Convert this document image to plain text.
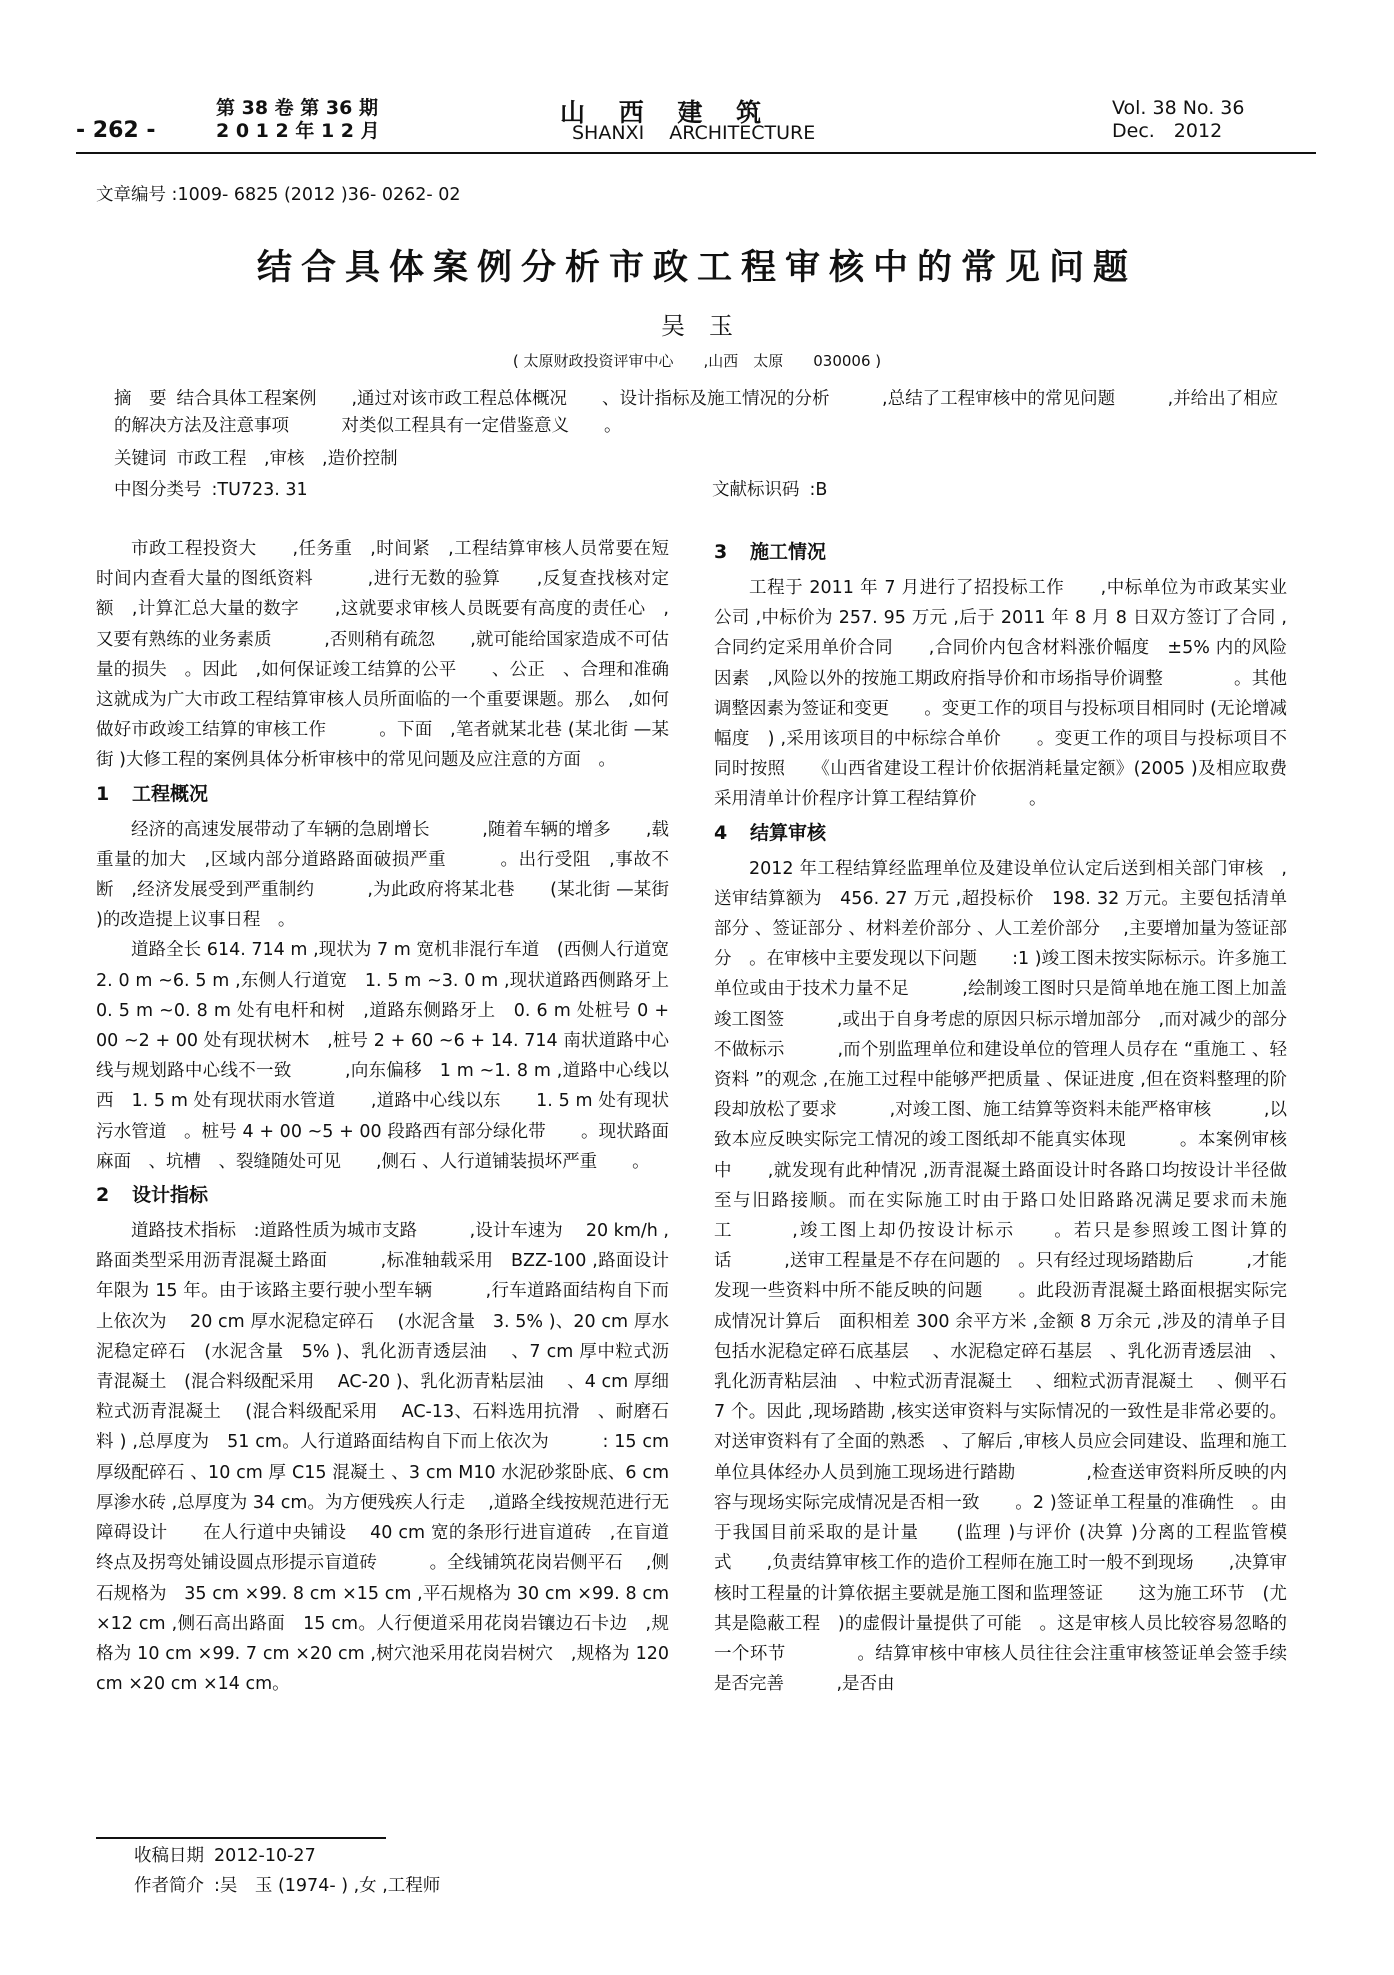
- 262 -
第 38 卷 第 36 期
2 0 1 2 年 1 2 月
山　 西　 建　 筑
SHANXI　 ARCHITECTURE
Vol. 38 No. 36
Dec.　2012
文章编号 :1009- 6825 (2012 )36- 0262- 02
结合具体案例分析市政工程审核中的常见问题
吴　玉
( 太原财政投资评审中心　　,山西　太原　　030006 )
摘　要 结合具体工程案例　　,通过对该市政工程总体概况　　、设计指标及施工情况的分析　　　,总结了工程审核中的常见问题　　　,并给出了相应的解决方法及注意事项　　　对类似工程具有一定借鉴意义　　。
关键词 市政工程　,审核　,造价控制
中图分类号 :TU723. 31	文献标识码 :B

市政工程投资大　　,任务重　,时间紧　,工程结算审核人员常要在短时间内查看大量的图纸资料　　　,进行无数的验算　　,反复查找核对定额　,计算汇总大量的数字　　,这就要求审核人员既要有高度的责任心　,又要有熟练的业务素质　　　,否则稍有疏忽　　,就可能给国家造成不可估量的损失　。因此　,如何保证竣工结算的公平　　、公正　、合理和准确　这就成为广大市政工程结算审核人员所面临的一个重要课题。那么　,如何做好市政竣工结算的审核工作　　　。下面　,笔者就某北巷 (某北街 —某街 )大修工程的案例具体分析审核中的常见问题及应注意的方面　。

1 工程概况

经济的高速发展带动了车辆的急剧增长　　　,随着车辆的增多　　,载重量的加大　,区域内部分道路路面破损严重　　　。出行受阻　,事故不断　,经济发展受到严重制约　　　,为此政府将某北巷　　(某北街 —某街 )的改造提上议事日程　。

道路全长 614. 714 m ,现状为 7 m 宽机非混行车道　(西侧人行道宽 2. 0 m ~6. 5 m ,东侧人行道宽　1. 5 m ~3. 0 m ,现状道路西侧路牙上 0. 5 m ~0. 8 m 处有电杆和树　,道路东侧路牙上　0. 6 m 处桩号 0 + 00 ~2 + 00 处有现状树木　,桩号 2 + 60 ~6 + 14. 714 南状道路中心线与规划路中心线不一致　　　,向东偏移　1 m ~1. 8 m ,道路中心线以西　1. 5 m 处有现状雨水管道　　,道路中心线以东　　1. 5 m 处有现状污水管道　。桩号 4 + 00 ~5 + 00 段路西有部分绿化带　　。现状路面麻面　、坑槽　、裂缝随处可见　　,侧石 、人行道铺装损坏严重　　。

2 设计指标

道路技术指标　:道路性质为城市支路　　　,设计车速为　 20 km/h ,路面类型采用沥青混凝土路面　　　,标准轴载采用　BZZ-100 ,路面设计年限为 15 年。由于该路主要行驶小型车辆　　　,行车道路面结构自下而上依次为　 20 cm 厚水泥稳定碎石　 (水泥含量　3. 5% )、20 cm 厚水泥稳定碎石　(水泥含量　5% )、乳化沥青透层油　 、7 cm 厚中粒式沥青混凝土　(混合料级配采用　 AC-20 )、乳化沥青粘层油　 、4 cm 厚细粒式沥青混凝土　 (混合料级配采用　 AC-13、石料选用抗滑　、耐磨石料 ) ,总厚度为　51 cm。人行道路面结构自下而上依次为　　　: 15 cm 厚级配碎石 、10 cm 厚 C15 混凝土 、3 cm M10 水泥砂浆卧底、6 cm 厚渗水砖 ,总厚度为 34 cm。为方便残疾人行走　 ,道路全线按规范进行无障碍设计　　在人行道中央铺设　 40 cm 宽的条形行进盲道砖　,在盲道终点及拐弯处铺设圆点形提示盲道砖　　　。全线铺筑花岗岩侧平石　 ,侧石规格为　35 cm ×99. 8 cm ×15 cm ,平石规格为 30 cm ×99. 8 cm ×12 cm ,侧石高出路面　15 cm。人行便道采用花岗岩镶边石卡边　,规格为 10 cm ×99. 7 cm ×20 cm ,树穴池采用花岗岩树穴　,规格为 120 cm ×20 cm ×14 cm。

3 施工情况

工程于 2011 年 7 月进行了招投标工作　　,中标单位为市政某实业公司 ,中标价为 257. 95 万元 ,后于 2011 年 8 月 8 日双方签订了合同 ,合同约定采用单价合同　　,合同价内包含材料涨价幅度　±5% 内的风险因素　,风险以外的按施工期政府指导价和市场指导价调整　　　　。其他调整因素为签证和变更　　。变更工作的项目与投标项目相同时 (无论增减幅度　) ,采用该项目的中标综合单价　　。变更工作的项目与投标项目不同时按照　　《山西省建设工程计价依据消耗量定额》(2005 )及相应取费采用清单计价程序计算工程结算价　　　。

4 结算审核

2012 年工程结算经监理单位及建设单位认定后送到相关部门审核　,送审结算额为　456. 27 万元 ,超投标价　198. 32 万元。主要包括清单部分 、签证部分 、材料差价部分 、人工差价部分　 ,主要增加量为签证部分　。在审核中主要发现以下问题　　:1 )竣工图未按实际标示。许多施工单位或由于技术力量不足　　　,绘制竣工图时只是简单地在施工图上加盖竣工图签　　　,或出于自身考虑的原因只标示增加部分　,而对减少的部分不做标示　　　,而个别监理单位和建设单位的管理人员存在 “重施工 、轻资料 ”的观念 ,在施工过程中能够严把质量 、保证进度 ,但在资料整理的阶段却放松了要求　　　,对竣工图、施工结算等资料未能严格审核　　　,以致本应反映实际完工情况的竣工图纸却不能真实体现　　　。本案例审核中　　,就发现有此种情况 ,沥青混凝土路面设计时各路口均按设计半径做至与旧路接顺。而在实际施工时由于路口处旧路路况满足要求而未施工　　　,竣工图上却仍按设计标示　　。若只是参照竣工图计算的话　　　,送审工程量是不存在问题的　。只有经过现场踏勘后　　　,才能发现一些资料中所不能反映的问题　　。此段沥青混凝土路面根据实际完成情况计算后　面积相差 300 余平方米 ,金额 8 万余元 ,涉及的清单子目包括水泥稳定碎石底基层　 、水泥稳定碎石基层　、乳化沥青透层油　、乳化沥青粘层油　、中粒式沥青混凝土　 、细粒式沥青混凝土　 、侧平石 7 个。因此 ,现场踏勘 ,核实送审资料与实际情况的一致性是非常必要的。对送审资料有了全面的熟悉　、了解后 ,审核人员应会同建设、监理和施工单位具体经办人员到施工现场进行踏勘　　　　,检查送审资料所反映的内容与现场实际完成情况是否相一致　　。2 )签证单工程量的准确性　。由于我国目前采取的是计量　　(监理 )与评价 (决算 )分离的工程监管模式　　,负责结算审核工作的造价工程师在施工时一般不到现场　　,决算审核时工程量的计算依据主要就是施工图和监理签证　　这为施工环节　(尤其是隐蔽工程　)的虚假计量提供了可能　。这是审核人员比较容易忽略的一个环节　　　　。结算审核中审核人员往往会注重审核签证单会签手续是否完善　　　,是否由

收稿日期 2012-10-27
作者简介 :吴　玉 (1974- ) ,女 ,工程师
